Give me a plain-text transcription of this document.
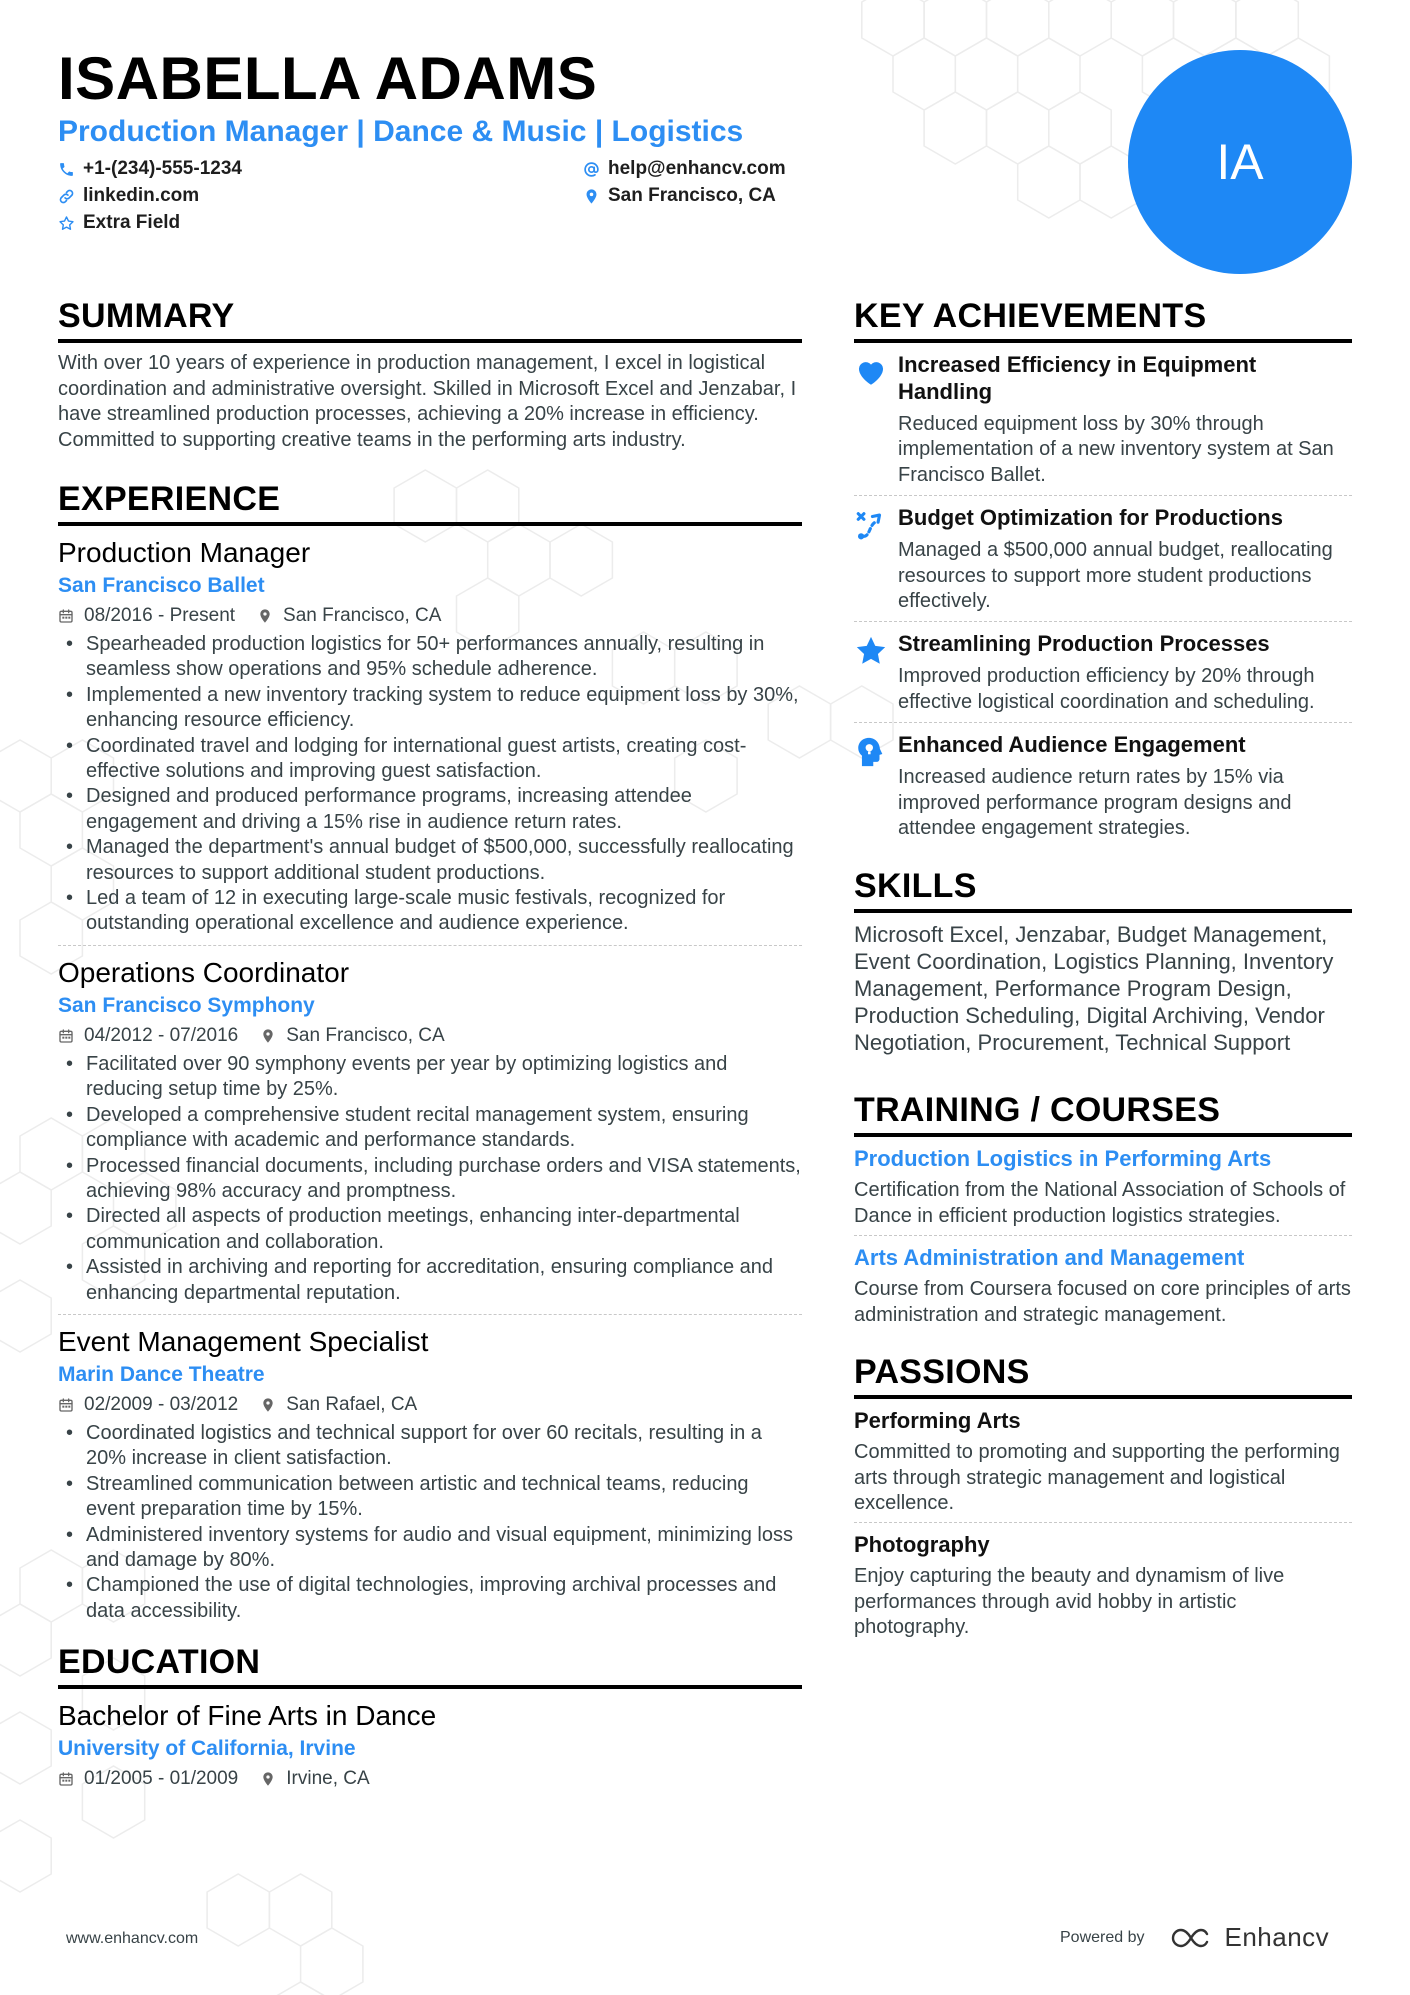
ISABELLA ADAMS
Production Manager | Dance & Music | Logistics
+1-(234)-555-1234	help@enhancv.com
linkedin.com	San Francisco, CA
Extra Field
IA
SUMMARY

With over 10 years of experience in production management, I excel in logistical coordination and administrative oversight. Skilled in Microsoft Excel and Jenzabar, I have streamlined production processes, achieving a 20% increase in efficiency. Committed to supporting creative teams in the performing arts industry.

EXPERIENCE
Production Manager
San Francisco Ballet
08/2016 - Present	San Francisco, CA
• Spearheaded production logistics for 50+ performances annually, resulting in seamless show operations and 95% schedule adherence.
• Implemented a new inventory tracking system to reduce equipment loss by 30%, enhancing resource efficiency.
• Coordinated travel and lodging for international guest artists, creating cost-effective solutions and improving guest satisfaction.
• Designed and produced performance programs, increasing attendee engagement and driving a 15% rise in audience return rates.
• Managed the department's annual budget of $500,000, successfully reallocating resources to support additional student productions.
• Led a team of 12 in executing large-scale music festivals, recognized for outstanding operational excellence and audience experience.
Operations Coordinator
San Francisco Symphony
04/2012 - 07/2016	San Francisco, CA
• Facilitated over 90 symphony events per year by optimizing logistics and reducing setup time by 25%.
• Developed a comprehensive student recital management system, ensuring compliance with academic and performance standards.
• Processed financial documents, including purchase orders and VISA statements, achieving 98% accuracy and promptness.
• Directed all aspects of production meetings, enhancing inter-departmental communication and collaboration.
• Assisted in archiving and reporting for accreditation, ensuring compliance and enhancing departmental reputation.
Event Management Specialist
Marin Dance Theatre
02/2009 - 03/2012	San Rafael, CA
• Coordinated logistics and technical support for over 60 recitals, resulting in a 20% increase in client satisfaction.
• Streamlined communication between artistic and technical teams, reducing event preparation time by 15%.
• Administered inventory systems for audio and visual equipment, minimizing loss and damage by 80%.
• Championed the use of digital technologies, improving archival processes and data accessibility.
EDUCATION
Bachelor of Fine Arts in Dance
University of California, Irvine
01/2005 - 01/2009	Irvine, CA
KEY ACHIEVEMENTS
Increased Efficiency in Equipment Handling
Reduced equipment loss by 30% through implementation of a new inventory system at San Francisco Ballet.
Budget Optimization for Productions
Managed a $500,000 annual budget, reallocating resources to support more student productions effectively.
Streamlining Production Processes
Improved production efficiency by 20% through effective logistical coordination and scheduling.
Enhanced Audience Engagement
Increased audience return rates by 15% via improved performance program designs and attendee engagement strategies.
SKILLS

Microsoft Excel, Jenzabar, Budget Management, Event Coordination, Logistics Planning, Inventory Management, Performance Program Design, Production Scheduling, Digital Archiving, Vendor Negotiation, Procurement, Technical Support

TRAINING / COURSES
Production Logistics in Performing Arts
Certification from the National Association of Schools of Dance in efficient production logistics strategies.
Arts Administration and Management
Course from Coursera focused on core principles of arts administration and strategic management.
PASSIONS
Performing Arts
Committed to promoting and supporting the performing arts through strategic management and logistical excellence.
Photography
Enjoy capturing the beauty and dynamism of live performances through avid hobby in artistic photography.
www.enhancv.com	Powered by	Enhancv
